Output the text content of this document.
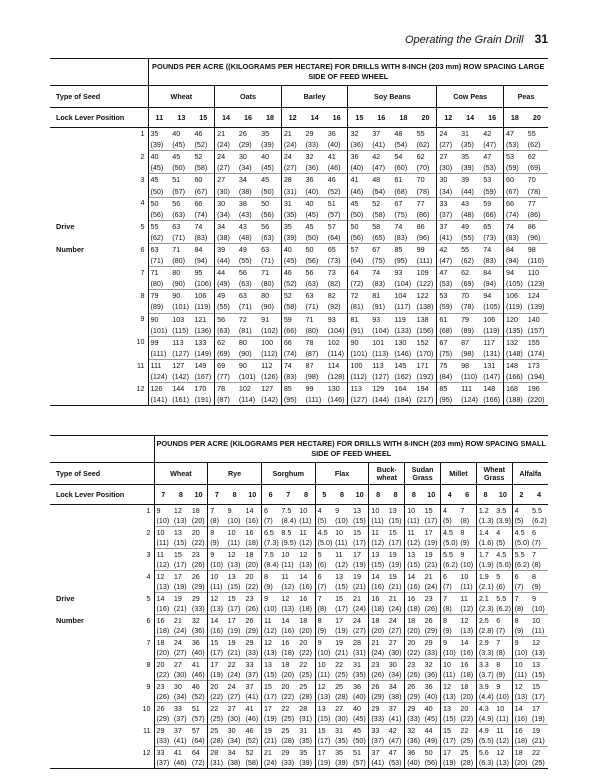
Operating the Grain Drill 31
		POUNDS PER ACRE ((KILOGRAMS PER HECTARE) FOR DRILLS WITH 8-INCH (203 mm) ROW SPACING LARGE SIDE OF FEED WHEEL																	
Type of Seed		Wheat			Oats			Barley			Soy Beans				Cow Peas			Peas	
Lock Lever Position		11	13	15	14	16	18	12	14	16	15	16	18	20	12	14	16	18	20
	1	35	40	46	21	26	35	21	29	36	32	37	48	55	24	31	42	47	55
		(39)	(45)	(52)	(24)	(29)	(39)	(24)	(33)	(40)	(36)	(41)	(54)	(62)	(27)	(35)	(47)	(53)	(62)
	2	40	45	52	24	30	40	24	32	41	36	42	54	62	27	35	47	53	62
		(45)	(50)	(58)	(27)	(34)	(45)	(27)	(36)	(46)	(40)	(47)	(60)	(70)	(30)	(39)	(53)	(59)	(69)
	3	45	51	60	27	34	45	28	36	46	41	48	61	70	30	39	53	60	70
		(50)	(57)	(67)	(30)	(38)	(50)	(31)	(40)	(52)	(46)	(54)	(68)	(78)	(34)	(44)	(59)	(67)	(78)
	4	50	56	66	30	38	50	31	40	51	45	52	67	77	33	43	59	66	77
		(56)	(63)	(74)	(34)	(43)	(56)	(35)	(45)	(57)	(50)	(58)	(75)	(86)	(37)	(48)	(66)	(74)	(86)
Drive	5	55	63	74	34	43	56	35	45	57	50	58	74	86	37	49	65	74	86
		(62)	(71)	(83)	(38)	(48)	(63)	(39)	(50)	(64)	(56)	(65)	(83)	(96)	(41)	(55)	(73)	(83)	(96)
Number	6	63	71	84	39	49	63	40	50	65	57	67	85	99	42	55	74	84	98
		(71)	(80)	(94)	(44)	(55)	(71)	(45)	(56)	(73)	(64)	(75)	(95)	(111)	(47)	(62)	(83)	(94)	(110)
	7	71	80	95	44	56	71	46	56	73	64	74	93	109	47	62	84	94	110
		(80)	(90)	(106)	(49)	(63)	(80)	(52)	(63)	(82)	(72)	(83)	(104)	(122)	(53)	(69)	(94)	(105)	(123)
	8	79	90	106	49	63	80	52	63	82	72	81	104	122	53	70	94	106	124
		(89)	(101)	(119)	(55)	(71)	(90)	(58)	(71)	(92)	(81)	(91)	(117)	(138)	(59)	(78)	(105)	(119)	(139)
	9	90	103	121	56	72	91	59	71	93	81	93	119	138	61	79	106	120	140
		(101)	(115)	(136)	(63)	(81)	(102)	(66)	(80)	(104)	(91)	(104)	(133)	(156)	(68)	(89)	(119)	(135)	(157)
	10	99	113	133	62	80	100	66	78	102	90	101	130	152	67	87	117	132	155
		(111)	(127)	(149)	(69)	(90)	(112)	(74)	(87)	(114)	(101)	(113)	(146)	(170)	(75)	(98)	(131)	(148)	(174)
	11	111	127	149	69	90	112	74	87	114	100	113	145	171	75	98	131	148	173
		(124)	(142)	(167)	(77)	(101)	(126)	(83)	(98)	(128)	(112)	(127)	(162)	(192)	(84)	(110)	(147)	(166)	(194)
	12	126	144	170	78	102	127	85	99	130	113	129	164	194	85	111	148	168	196
		(141)	(161)	(191)	(87)	(114)	(142)	(95)	(111)	(146)	(127)	(144)	(184)	(217)	(95)	(124)	(166)	(188)	(220)
		POUNDS PER ACRE (KILOGRAMS PER HECTARE) FOR DRILLS WITH 8-INCH (203 mm) ROW SPACING SMALL SIDE OF FEED WHEEL																					
Type of Seed		Wheat			Rye			Sorghum			Flax			Buck-wheat		Sudan Grass		Millet		Wheat Grass		Alfalfa	
Lock Lever Position		7	8	10	7	8	10	6	7	8	5	8	10	8	8	8	10	4	6	8	10	2	4
	1	9	12	18	7	9	14	6	7.5	10	4	9	13	10	13	10	15	4	7	1.2	3.5	4	5.5
		(10)	(13)	(20)	(8)	(10)	(16)	(7)	(8.4)	(11)	(5)	(10)	(15)	(11)	(15)	(11)	(17)	(5)	(8)	(1.3)	(3.9)	(5)	(6.2)
	2	10	13	20	8	10	16	6.5	8.5	11	4.5	10	15	11	15	11	17	4.5	8	1.4	4	4.5	6
		(11)	(15)	(22)	(9)	(11)	(18)	(7.3)	(9.5)	(12)	(5.0)	(11)	(17)	(12)	(17)	(12)	(19)	(5.0)	(9)	(1.6)	(5)	(5.0)	(7)
	3	11	15	23	9	12	18	7.5	10	12	5	11	17	13	19	13	19	5.5	9	1.7	4.5	5.5	7
		(12)	(17)	(26)	(10)	(13)	(20)	(8.4)	(11)	(13)	(6)	(12)	(19)	(15)	(19)	(15)	(21)	(6.2)	(10)	(1.9)	(5.0)	(6.2)	(8)
	4	12	17	26	10	13	20	8	11	14	6	13	19	14	19	14	21	6	10	1.9	5	6	8
		(13)	(19)	(29)	(11)	(15)	(22)	(9)	(12)	(16)	(7)	(15)	(21)	(16)	(21)	(16)	(24)	(7)	(11)	(2.1)	(6)	(7)	(9)
Drive	5	14	19	29	12	15	23	9	12	16	7	15	21	16	21	16	23	7	11	2.1	5.5	7	9
		(16)	(21)	(33)	(13)	(17)	(26)	(10)	(13)	(18)	(8)	(17)	(24)	(18)	(24)	(18)	(26)	(8)	(12)	(2.3)	(6.2)	(8)	(10)
Number	6	16	21	32	14	17	26	11	14	18	8	17	24	18	24	18	26	8	12	2.5	6	8	10
		(18)	(24)	(36)	(16)	(19)	(29)	(12)	(16)	(20)	(9)	(19)	(27)	(20)	(27)	(20)	(29)	(9)	(13)	(2.8)	(7)	(9)	(11)
	7	18	24	36	15	19	29	12	16	20	9	19	28	21	27	20	29	9	14	2.9	7	9	12
		(20)	(27)	(40)	(17)	(21)	(33)	(13)	(18)	(22)	(10)	(21)	(31)	(24)	(30)	(22)	(33)	(10)	(16)	(3.3)	(8)	(10)	(13)
	8	20	27	41	17	22	33	13	18	22	10	22	31	23	30	23	32	10	16	3.3	8	10	13
		(22)	(30)	(46)	(19)	(24)	(37)	(15)	(20)	(25)	(11)	(25)	(35)	(26)	(34)	(26)	(36)	(11)	(18)	(3.7)	(9)	(11)	(15)
	9	23	30	46	20	24	37	15	20	25	12	25	36	26	34	26	36	12	18	3.9	9	12	15
		(26)	(34)	(52)	(22)	(27)	(41)	(17)	(22)	(28)	(13)	(28)	(40)	(29)	(38)	(29)	(40)	(13)	(20)	(4.4)	(10)	(13)	(17)
	10	26	33	51	22	27	41	17	22	28	13	27	40	29	37	29	40	13	20	4.3	10	14	17
		(29)	(37)	(57)	(25)	(30)	(46)	(19)	(25)	(31)	(15)	(30)	(45)	(33)	(41)	(33)	(45)	(15)	(22)	(4.9)	(11)	(16)	(19)
	11	29	37	57	25	30	46	19	25	31	15	31	45	33	42	32	44	15	22	4.9	11	16	19
		(33)	(41)	(64)	(28)	(34)	(52)	(21)	(28)	(35)	(17)	(35)	(50)	(37)	(47)	(36)	(49)	(17)	(25)	(5.5)	(12)	(18)	(21)
	12	33	41	64	28	34	52	21	29	35	17	35	51	37	47	36	50	17	25	5.6	12	18	22
		(37)	(46)	(72)	(31)	(38)	(58)	(24)	(33)	(39)	(19)	(39)	(57)	(41)	(53)	(40)	(56)	(19)	(28)	(6.3)	(13)	(20)	(25)
